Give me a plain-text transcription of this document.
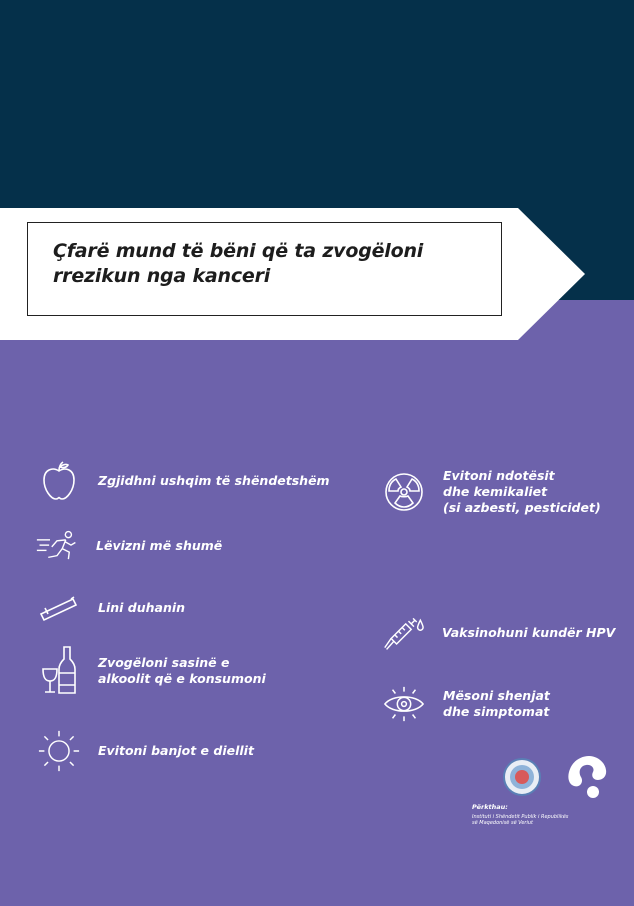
Çfarë mund të bëni që ta zvogëloni
rrezikun nga kanceri
Zgjidhni ushqim të shëndetshëm
Lëvizni më shumë
Lini duhanin
Zvogëloni sasinë e
alkoolit që e konsumoni
Evitoni banjot e diellit
Evitoni ndotësit
dhe kemikaliet
(si azbesti, pesticidet)
Vaksinohuni kundër HPV
Mësoni shenjat
dhe simptomat
Përkthau:
Instituti i Shëndetit Publik i Republikës së Maqedonisë së Veriut
